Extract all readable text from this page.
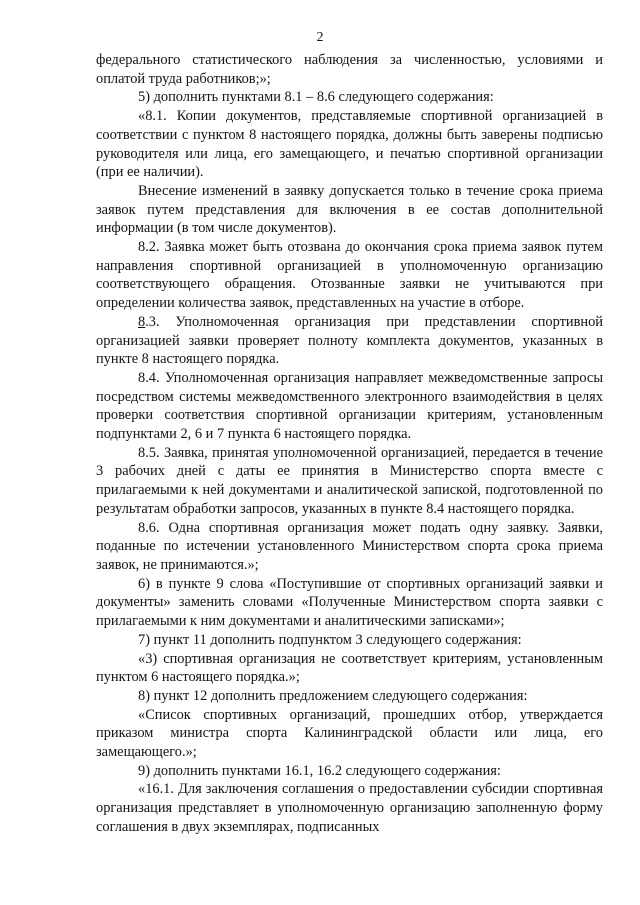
2

федерального статистического наблюдения за численностью, условиями и оплатой труда работников;»;

5) дополнить пунктами 8.1 – 8.6 следующего содержания:

«8.1. Копии документов, представляемые спортивной организацией в соответствии с пунктом 8 настоящего порядка, должны быть заверены подписью руководителя или лица, его замещающего, и печатью спортивной организации (при ее наличии).

Внесение изменений в заявку допускается только в течение срока приема заявок путем представления для включения в ее состав дополнительной информации (в том числе документов).

8.2. Заявка может быть отозвана до окончания срока приема заявок путем направления спортивной организацией в уполномоченную организацию соответствующего обращения. Отозванные заявки не учитываются при определении количества заявок, представленных на участие в отборе.

8.3. Уполномоченная организация при представлении спортивной организацией заявки проверяет полноту комплекта документов, указанных в пункте 8 настоящего порядка.

8.4. Уполномоченная организация направляет межведомственные запросы посредством системы межведомственного электронного взаимодействия в целях проверки соответствия спортивной организации критериям, установленным подпунктами 2, 6 и 7 пункта 6 настоящего порядка.

8.5. Заявка, принятая уполномоченной организацией, передается в течение 3 рабочих дней с даты ее принятия в Министерство спорта вместе с прилагаемыми к ней документами и аналитической запиской, подготовленной по результатам обработки запросов, указанных в пункте 8.4 настоящего порядка.

8.6. Одна спортивная организация может подать одну заявку. Заявки, поданные по истечении установленного Министерством спорта срока приема заявок, не принимаются.»;

6) в пункте 9 слова «Поступившие от спортивных организаций заявки и документы» заменить словами «Полученные Министерством спорта заявки с прилагаемыми к ним документами и аналитическими записками»;

7) пункт 11 дополнить подпунктом 3 следующего содержания:

«3) спортивная организация не соответствует критериям, установленным пунктом 6 настоящего порядка.»;

8) пункт 12 дополнить предложением следующего содержания:

«Список спортивных организаций, прошедших отбор, утверждается приказом министра спорта Калининградской области или лица, его замещающего.»;

9) дополнить пунктами 16.1, 16.2 следующего содержания:

«16.1. Для заключения соглашения о предоставлении субсидии спортивная организация представляет в уполномоченную организацию заполненную форму соглашения в двух экземплярах, подписанных
